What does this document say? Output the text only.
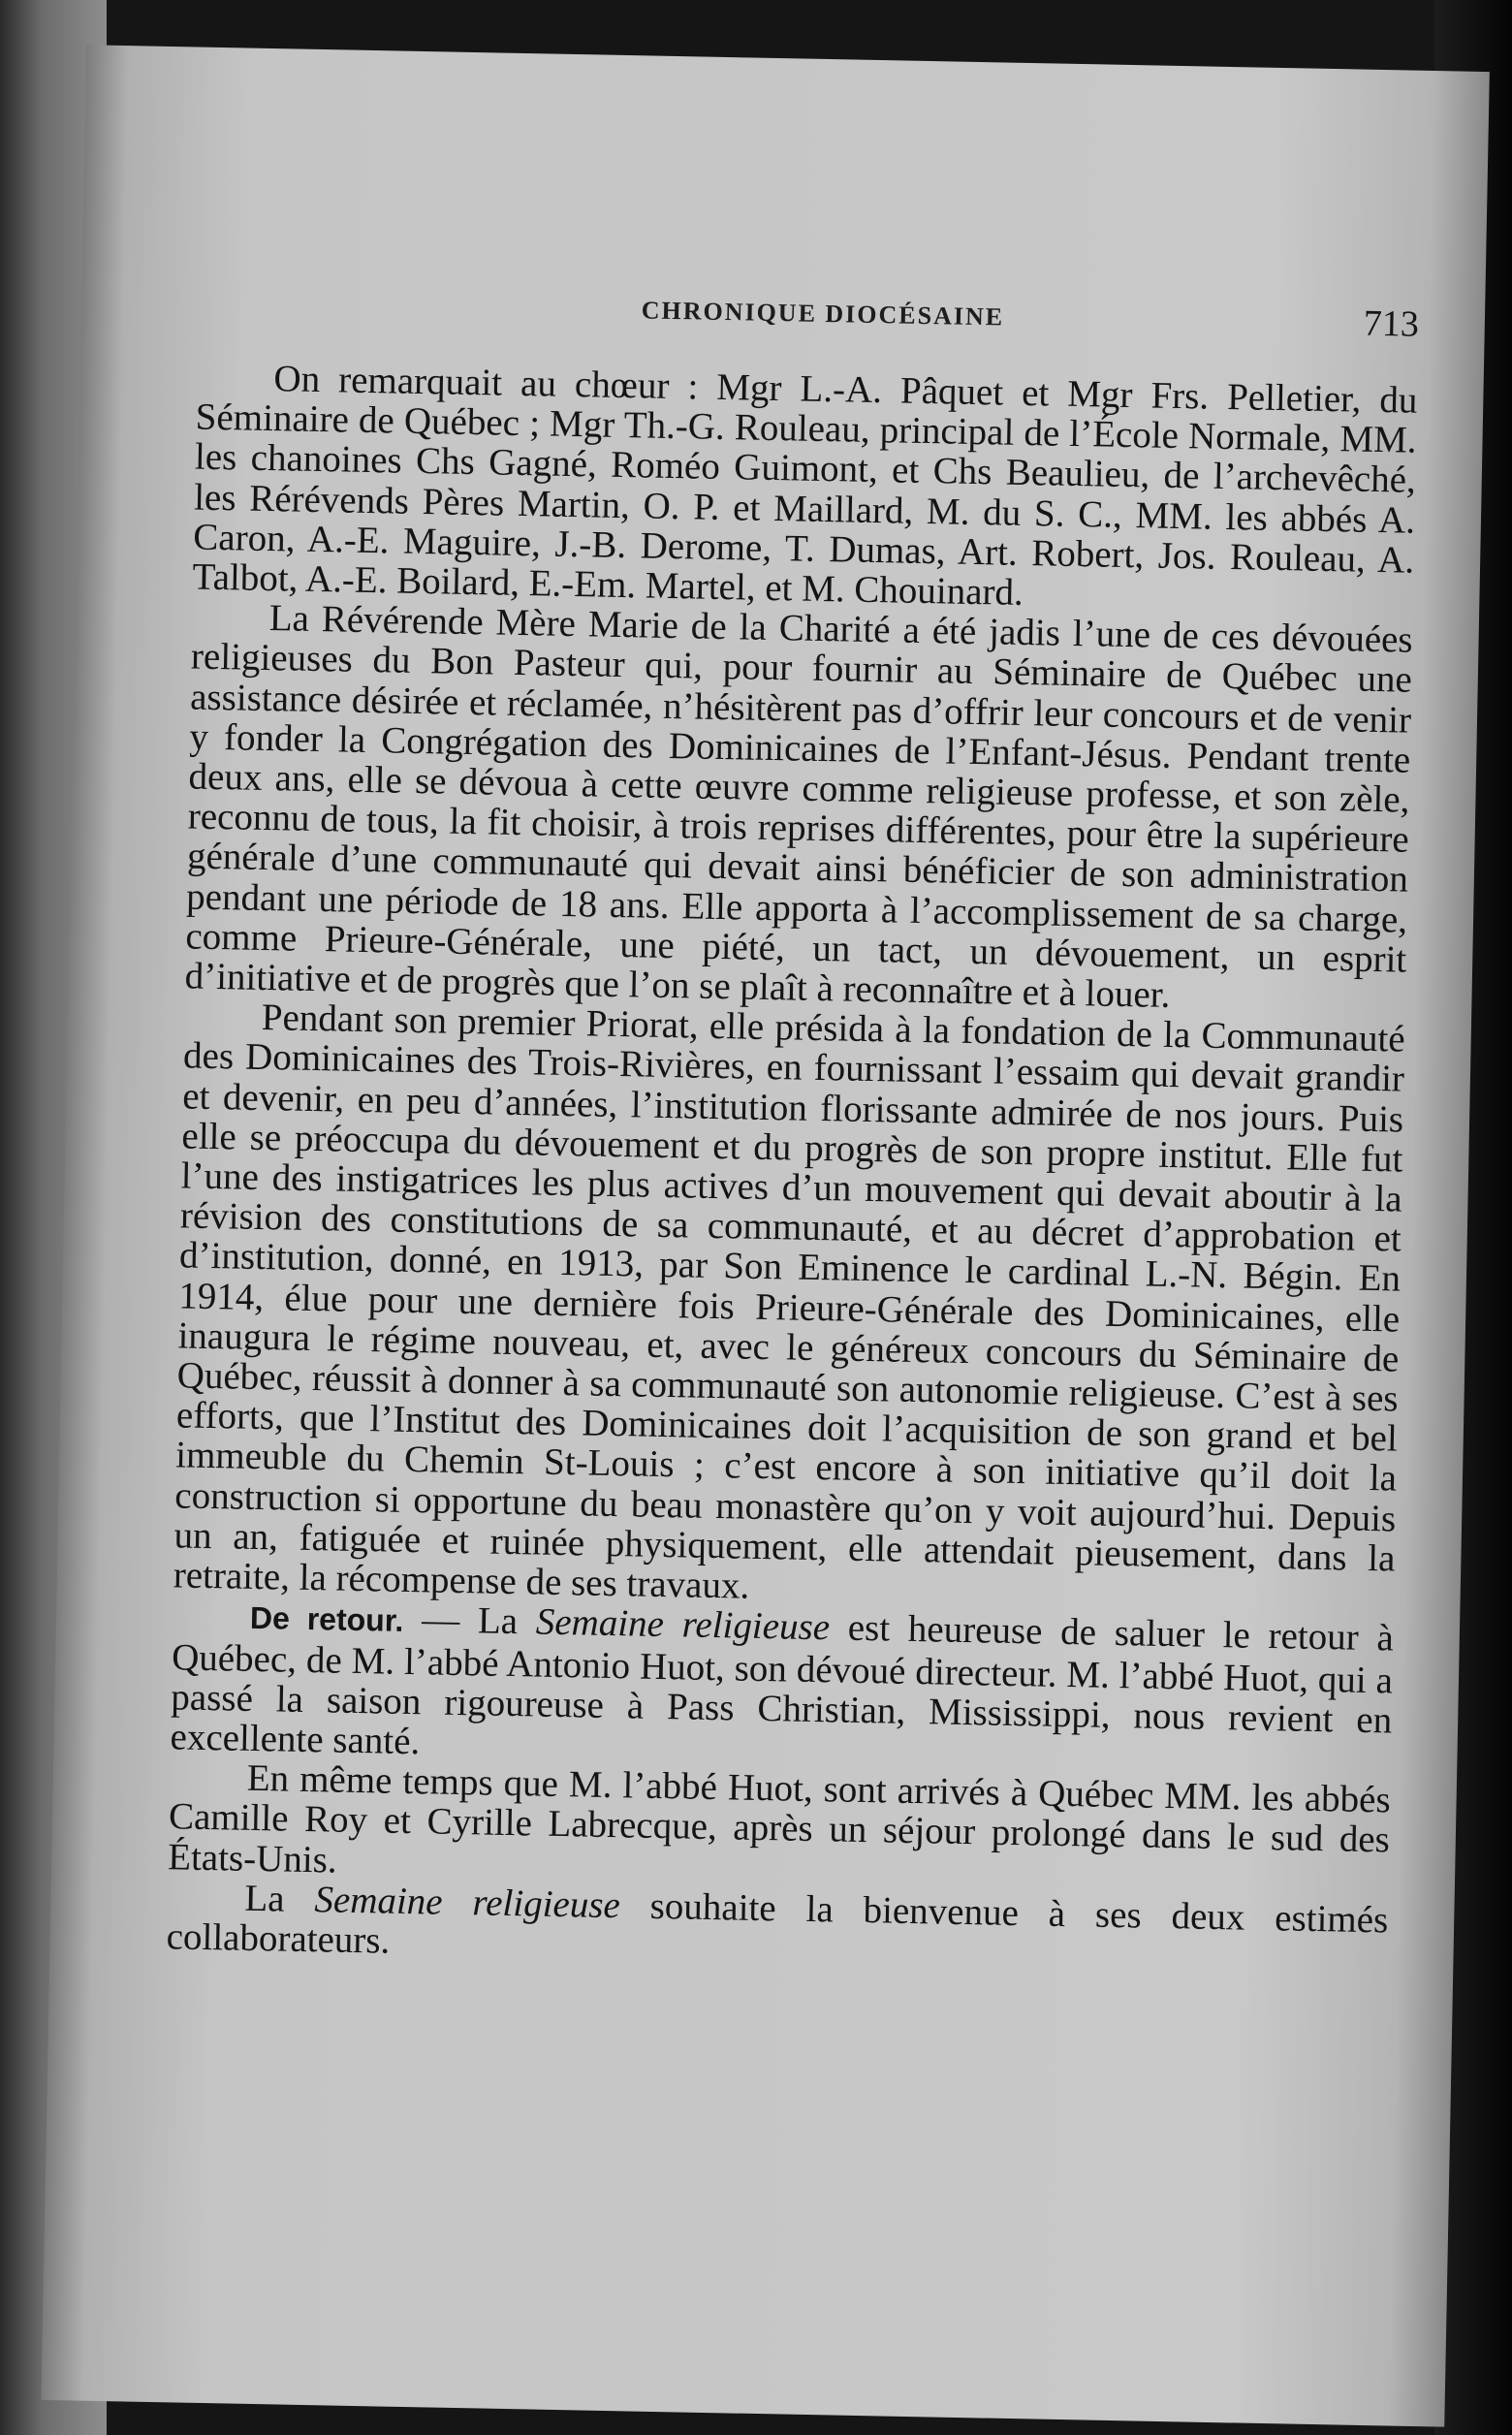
CHRONIQUE DIOCÉSAINE	713

On remarquait au chœur : Mgr L.-A. Pâquet et Mgr Frs. Pelletier, du Séminaire de Québec ; Mgr Th.-G. Rouleau, principal de l’École Normale, MM. les chanoines Chs Gagné, Roméo Guimont, et Chs Beaulieu, de l’archevêché, les Rérévends Pères Martin, O. P. et Maillard, M. du S. C., MM. les abbés A. Caron, A.-E. Maguire, J.-B. Derome, T. Dumas, Art. Robert, Jos. Rouleau, A. Talbot, A.-E. Boilard, E.-Em. Martel, et M. Chouinard.

La Révérende Mère Marie de la Charité a été jadis l’une de ces dévouées religieuses du Bon Pasteur qui, pour fournir au Séminaire de Québec une assistance désirée et réclamée, n’hésitèrent pas d’offrir leur concours et de venir y fonder la Congrégation des Dominicaines de l’Enfant-Jésus. Pendant trente deux ans, elle se dévoua à cette œuvre comme religieuse professe, et son zèle, reconnu de tous, la fit choisir, à trois reprises différentes, pour être la supérieure générale d’une communauté qui devait ainsi bénéficier de son administration pendant une période de 18 ans. Elle apporta à l’accomplissement de sa charge, comme Prieure-Générale, une piété, un tact, un dévouement, un esprit d’initiative et de progrès que l’on se plaît à reconnaître et à louer.

Pendant son premier Priorat, elle présida à la fondation de la Communauté des Dominicaines des Trois-Rivières, en fournissant l’essaim qui devait grandir et devenir, en peu d’années, l’institution florissante admirée de nos jours. Puis elle se préoccupa du dévouement et du progrès de son propre institut. Elle fut l’une des instigatrices les plus actives d’un mouvement qui devait aboutir à la révision des constitutions de sa communauté, et au décret d’approbation et d’institution, donné, en 1913, par Son Eminence le cardinal L.-N. Bégin. En 1914, élue pour une dernière fois Prieure-Générale des Dominicaines, elle inaugura le régime nouveau, et, avec le généreux concours du Séminaire de Québec, réussit à donner à sa communauté son autonomie religieuse. C’est à ses efforts, que l’Institut des Dominicaines doit l’acquisition de son grand et bel immeuble du Chemin St-Louis ; c’est encore à son initiative qu’il doit la construction si opportune du beau monastère qu’on y voit aujourd’hui. Depuis un an, fatiguée et ruinée physiquement, elle attendait pieusement, dans la retraite, la récompense de ses travaux.

De retour. — La Semaine religieuse est heureuse de saluer le retour à Québec, de M. l’abbé Antonio Huot, son dévoué directeur. M. l’abbé Huot, qui a passé la saison rigoureuse à Pass Christian, Mississippi, nous revient en excellente santé.

En même temps que M. l’abbé Huot, sont arrivés à Québec MM. les abbés Camille Roy et Cyrille Labrecque, après un séjour prolongé dans le sud des États-Unis.

La Semaine religieuse souhaite la bienvenue à ses deux estimés collaborateurs.
